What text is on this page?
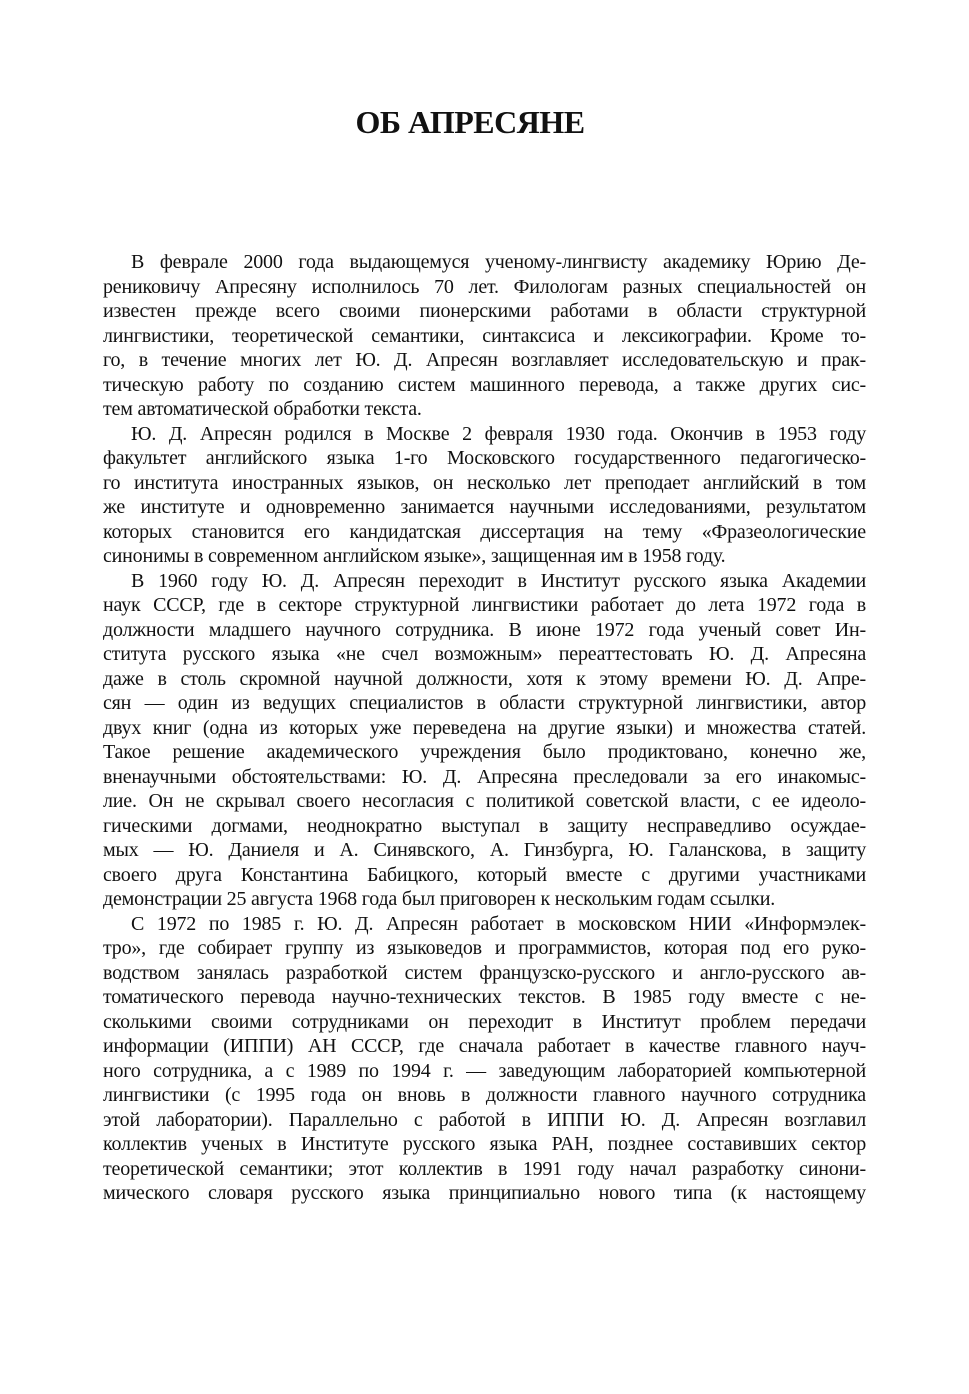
ОБ АПРЕСЯНЕ
В феврале 2000 года выдающемуся ученому-лингвисту академику Юрию Де-
рениковичу Апресяну исполнилось 70 лет. Филологам разных специальностей он
известен прежде всего своими пионерскими работами в области структурной
лингвистики, теоретической семантики, синтаксиса и лексикографии. Кроме то-
го, в течение многих лет Ю. Д. Апресян возглавляет исследовательскую и прак-
тическую работу по созданию систем машинного перевода, а также других сис-
тем автоматической обработки текста.
Ю. Д. Апресян родился в Москве 2 февраля 1930 года. Окончив в 1953 году
факультет английского языка 1-го Московского государственного педагогическо-
го института иностранных языков, он несколько лет преподает английский в том
же институте и одновременно занимается научными исследованиями, результатом
которых становится его кандидатская диссертация на тему «Фразеологические
синонимы в современном английском языке», защищенная им в 1958 году.
В 1960 году Ю. Д. Апресян переходит в Институт русского языка Академии
наук СССР, где в секторе структурной лингвистики работает до лета 1972 года в
должности младшего научного сотрудника. В июне 1972 года ученый совет Ин-
ститута русского языка «не счел возможным» переаттестовать Ю. Д. Апресяна
даже в столь скромной научной должности, хотя к этому времени Ю. Д. Апре-
сян — один из ведущих специалистов в области структурной лингвистики, автор
двух книг (одна из которых уже переведена на другие языки) и множества статей.
Такое решение академического учреждения было продиктовано, конечно же,
вненаучными обстоятельствами: Ю. Д. Апресяна преследовали за его инакомыс-
лие. Он не скрывал своего несогласия с политикой советской власти, с ее идеоло-
гическими догмами, неоднократно выступал в защиту несправедливо осуждае-
мых — Ю. Даниеля и А. Синявского, А. Гинзбурга, Ю. Галанскова, в защиту
своего друга Константина Бабицкого, который вместе с другими участниками
демонстрации 25 августа 1968 года был приговорен к нескольким годам ссылки.
С 1972 по 1985 г. Ю. Д. Апресян работает в московском НИИ «Информэлек-
тро», где собирает группу из языковедов и программистов, которая под его руко-
водством занялась разработкой систем французско-русского и англо-русского ав-
томатического перевода научно-технических текстов. В 1985 году вместе с не-
сколькими своими сотрудниками он переходит в Институт проблем передачи
информации (ИППИ) АН СССР, где сначала работает в качестве главного науч-
ного сотрудника, а с 1989 по 1994 г. — заведующим лабораторией компьютерной
лингвистики (с 1995 года он вновь в должности главного научного сотрудника
этой лаборатории). Параллельно с работой в ИППИ Ю. Д. Апресян возглавил
коллектив ученых в Институте русского языка РАН, позднее составивших сектор
теоретической семантики; этот коллектив в 1991 году начал разработку синони-
мического словаря русского языка принципиально нового типа (к настоящему
